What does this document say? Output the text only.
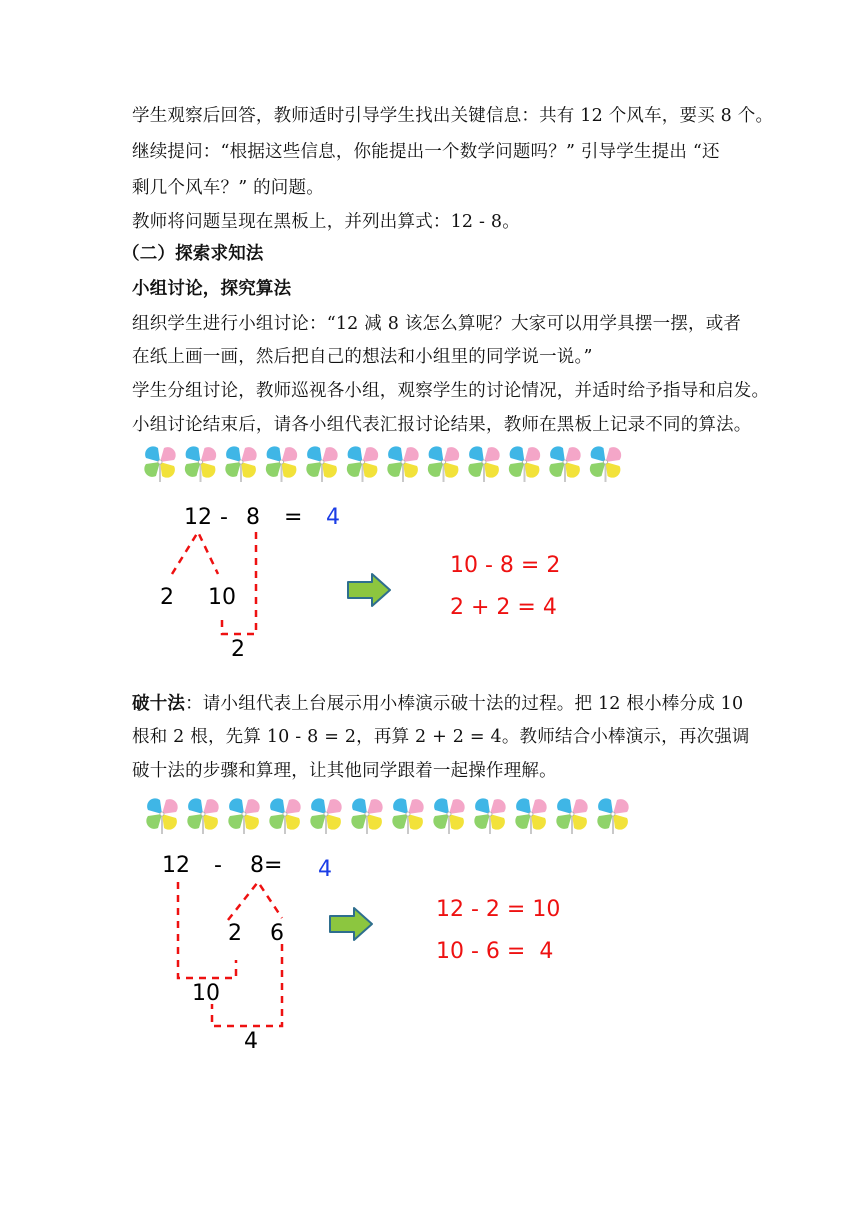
学生观察后回答，教师适时引导学生找出关键信息：共有 12 个风车，要买 8 个。
继续提问：“根据这些信息，你能提出一个数学问题吗？” 引导学生提出 “还
剩几个风车？” 的问题。
教师将问题呈现在黑板上，并列出算式：12 - 8。
（二）探索求知法
小组讨论，探究算法
组织学生进行小组讨论：“12 减 8 该怎么算呢？大家可以用学具摆一摆，或者
在纸上画一画，然后把自己的想法和小组里的同学说一说。”
学生分组讨论，教师巡视各小组，观察学生的讨论情况，并适时给予指导和启发。
小组讨论结束后，请各小组代表汇报讨论结果，教师在黑板上记录不同的算法。
破十法：请小组代表上台展示用小棒演示破十法的过程。把 12 根小棒分成 10
根和 2 根，先算 10 - 8 = 2，再算 2 + 2 = 4。教师结合小棒演示，再次强调
破十法的步骤和算理，让其他同学跟着一起操作理解。
12 - 8 = 4
2 10
2
10 - 8 = 2
2 + 2 = 4
12 - 8= 4
2 6
10
4
12 - 2 = 10
10 - 6 =  4
